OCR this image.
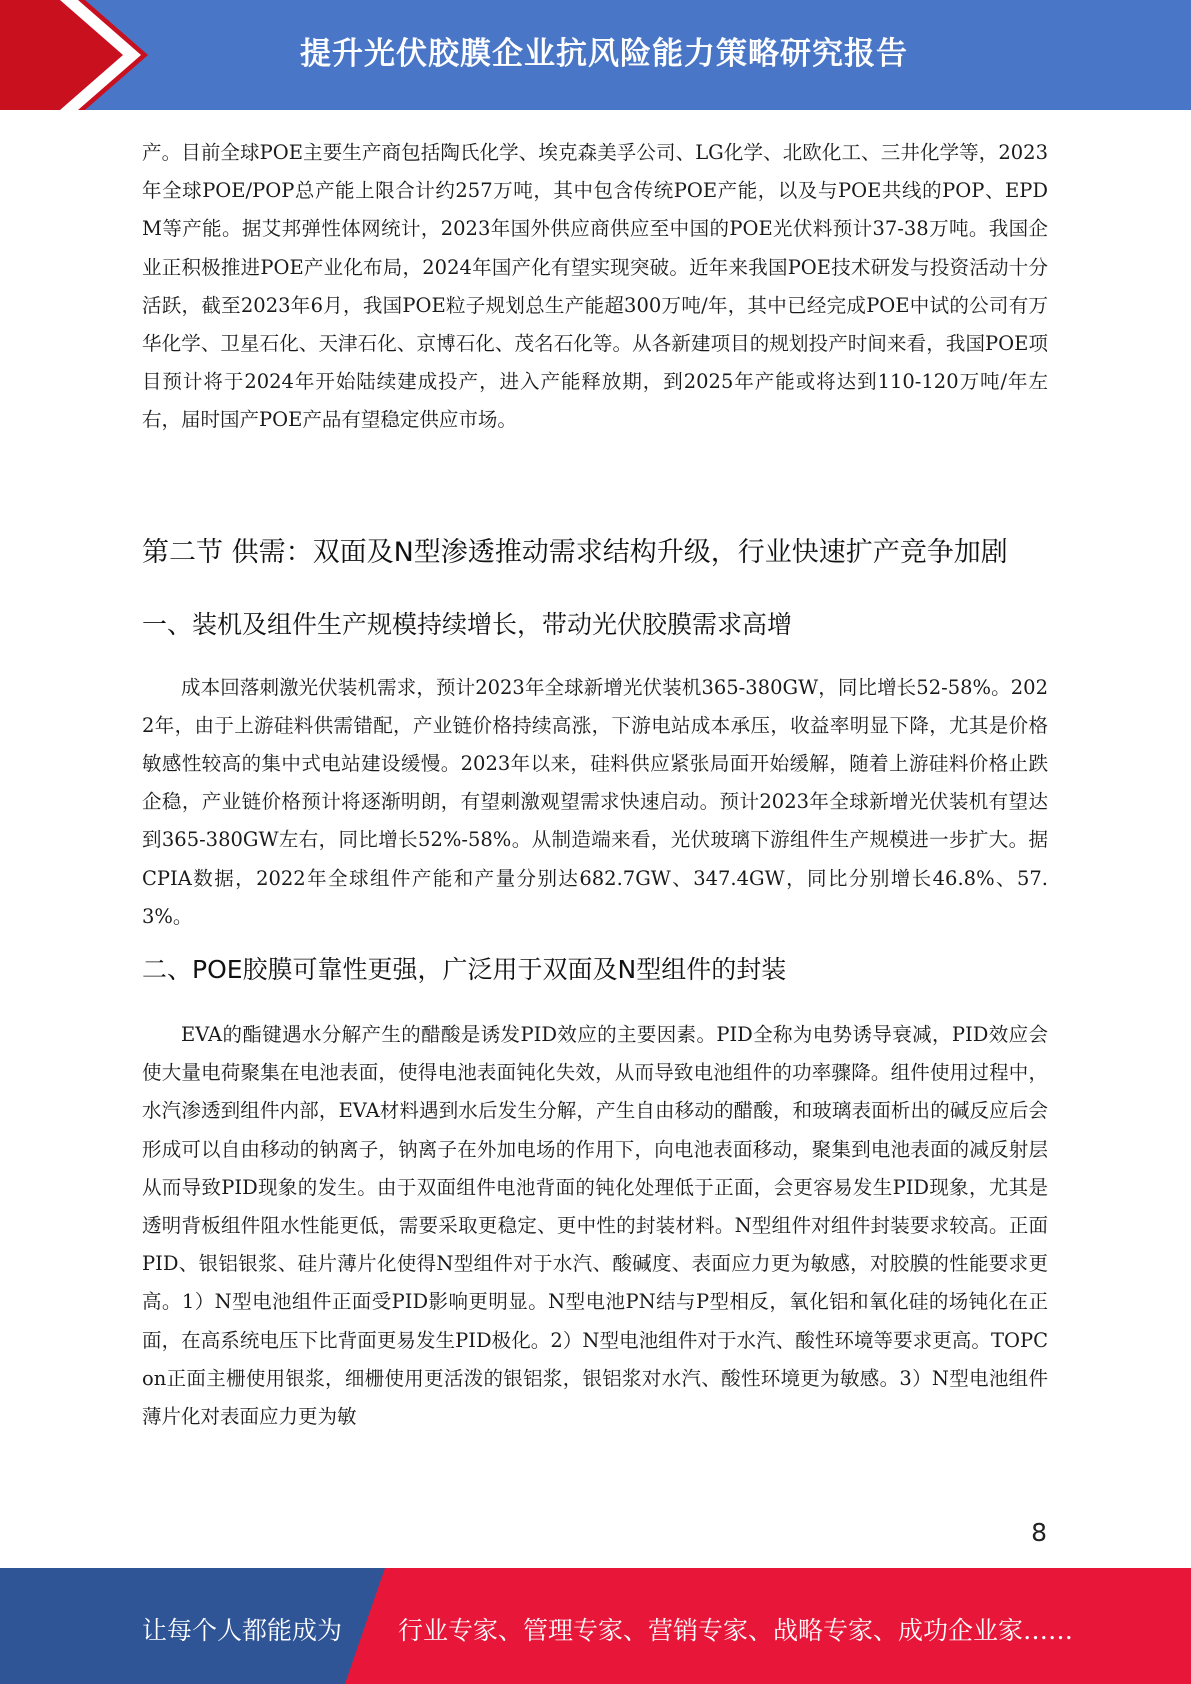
提升光伏胶膜企业抗风险能力策略研究报告

产。目前全球POE主要生产商包括陶氏化学、埃克森美孚公司、LG化学、北欧化工、三井化学等，2023年全球POE/POP总产能上限合计约257万吨，其中包含传统POE产能，以及与POE共线的POP、EPDM等产能。据艾邦弹性体网统计，2023年国外供应商供应至中国的POE光伏料预计37-38万吨。我国企业正积极推进POE产业化布局，2024年国产化有望实现突破。近年来我国POE技术研发与投资活动十分活跃，截至2023年6月，我国POE粒子规划总生产能超300万吨/年，其中已经完成POE中试的公司有万华化学、卫星石化、天津石化、京博石化、茂名石化等。从各新建项目的规划投产时间来看，我国POE项目预计将于2024年开始陆续建成投产，进入产能释放期，到2025年产能或将达到110-120万吨/年左右，届时国产POE产品有望稳定供应市场。

第二节 供需：双面及N型渗透推动需求结构升级，行业快速扩产竞争加剧
一、装机及组件生产规模持续增长，带动光伏胶膜需求高增

成本回落刺激光伏装机需求，预计2023年全球新增光伏装机365-380GW，同比增长52-58%。2022年，由于上游硅料供需错配，产业链价格持续高涨，下游电站成本承压，收益率明显下降，尤其是价格敏感性较高的集中式电站建设缓慢。2023年以来，硅料供应紧张局面开始缓解，随着上游硅料价格止跌企稳，产业链价格预计将逐渐明朗，有望刺激观望需求快速启动。预计2023年全球新增光伏装机有望达到365-380GW左右，同比增长52%-58%。从制造端来看，光伏玻璃下游组件生产规模进一步扩大。据CPIA数据，2022年全球组件产能和产量分别达682.7GW、347.4GW，同比分别增长46.8%、57.3%。

二、POE胶膜可靠性更强，广泛用于双面及N型组件的封装

EVA的酯键遇水分解产生的醋酸是诱发PID效应的主要因素。PID全称为电势诱导衰减，PID效应会使大量电荷聚集在电池表面，使得电池表面钝化失效，从而导致电池组件的功率骤降。组件使用过程中，水汽渗透到组件内部，EVA材料遇到水后发生分解，产生自由移动的醋酸，和玻璃表面析出的碱反应后会形成可以自由移动的钠离子，钠离子在外加电场的作用下，向电池表面移动，聚集到电池表面的减反射层从而导致PID现象的发生。由于双面组件电池背面的钝化处理低于正面，会更容易发生PID现象，尤其是透明背板组件阻水性能更低，需要采取更稳定、更中性的封装材料。N型组件对组件封装要求较高。正面PID、银铝银浆、硅片薄片化使得N型组件对于水汽、酸碱度、表面应力更为敏感，对胶膜的性能要求更高。1）N型电池组件正面受PID影响更明显。N型电池PN结与P型相反，氧化铝和氧化硅的场钝化在正面，在高系统电压下比背面更易发生PID极化。2）N型电池组件对于水汽、酸性环境等要求更高。TOPCon正面主栅使用银浆，细栅使用更活泼的银铝浆，银铝浆对水汽、酸性环境更为敏感。3）N型电池组件薄片化对表面应力更为敏

8
让每个人都能成为 行业专家、管理专家、营销专家、战略专家、成功企业家……
